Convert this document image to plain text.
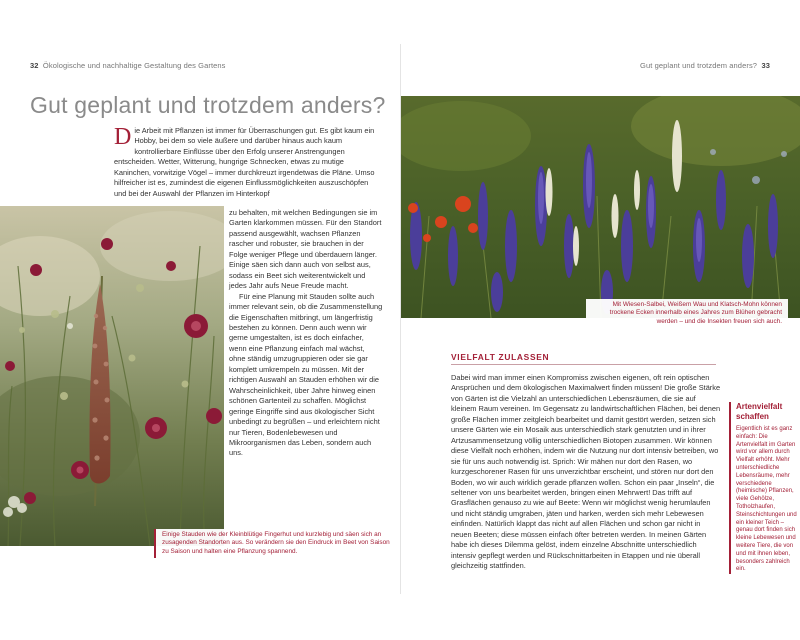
32 Ökologische und nachhaltige Gestaltung des Gartens
Gut geplant und trotzdem anders?

Die Arbeit mit Pflanzen ist immer für Überraschungen gut. Es gibt kaum ein Hobby, bei dem so viele äußere und darüber hinaus auch kaum kontrollierbare Einflüsse über den Erfolg unserer Anstrengungen entscheiden. Wetter, Witterung, hungrige Schnecken, etwas zu mutige Kaninchen, vorwitzige Vögel – immer durchkreuzt irgendetwas die Pläne. Umso hilfreicher ist es, zumindest die eigenen Einflussmöglichkeiten auszuschöpfen und bei der Auswahl der Pflanzen im Hinterkopf

zu behalten, mit welchen Bedingungen sie im Garten klarkommen müssen. Für den Standort passend ausgewählt, wachsen Pflanzen rascher und robuster, sie brauchen in der Folge weniger Pflege und überdauern länger. Einige säen sich dann auch von selbst aus, sodass ein Beet sich weiterentwickelt und jedes Jahr aufs Neue Freude macht.

Für eine Planung mit Stauden sollte auch immer relevant sein, ob die Zusammenstellung die Eigenschaften mitbringt, um längerfristig bestehen zu können. Denn auch wenn wir gerne umgestalten, ist es doch einfacher, wenn eine Pflanzung einfach mal wächst, ohne ständig umzugruppieren oder sie gar komplett umkrempeln zu müssen. Mit der richtigen Auswahl an Stauden erhöhen wir die Wahrscheinlichkeit, über Jahre hinweg einen schönen Gartenteil zu schaffen. Möglichst geringe Eingriffe sind aus ökologischer Sicht unbedingt zu begrüßen – und erleichtern nicht nur Tieren, Bodenlebewesen und Mikroorganismen das Leben, sondern auch uns.

Einige Stauden wie der Kleinblütige Fingerhut und kurzlebig und säen sich an zusagenden Standorten aus. So verändern sie den Eindruck im Beet von Saison zu Saison und halten eine Pflanzung spannend.
Gut geplant und trotzdem anders? 33
Mit Wiesen-Salbei, Weißem Wau und Klatsch-Mohn können trockene Ecken innerhalb eines Jahres zum Blühen gebracht werden – und die Insekten freuen sich auch.
VIELFALT ZULASSEN

Dabei wird man immer einen Kompromiss zwischen eigenen, oft rein optischen Ansprüchen und dem ökologischen Maximalwert finden müssen! Die große Stärke von Gärten ist die Vielzahl an unterschiedlichen Lebensräumen, die sie auf kleinem Raum vereinen. Im Gegensatz zu landwirtschaftlichen Flächen, bei denen große Flächen immer zeitgleich bearbeitet und damit gestört werden, setzen sich unsere Gärten wie ein Mosaik aus unterschiedlich stark genutzten und in ihrer Artzusammensetzung völlig unterschiedlichen Biotopen zusammen. Wir können diese Vielfalt noch erhöhen, indem wir die Nutzung nur dort intensiv betreiben, wo sie für uns auch notwendig ist. Sprich: Wir mähen nur dort den Rasen, wo kurzgeschorener Rasen für uns unverzichtbar erscheint, und stören nur dort den Boden, wo wir auch wirklich gerade pflanzen wollen. Schon ein paar „Inseln“, die seltener von uns bearbeitet werden, bringen einen Mehrwert! Das trifft auf Grasflächen genauso zu wie auf Beete: Wenn wir möglichst wenig herumlaufen und nicht ständig umgraben, jäten und harken, werden sich mehr Lebewesen einfinden. Natürlich klappt das nicht auf allen Flächen und schon gar nicht in neuen Beeten; diese müssen einfach öfter betreten werden. In meinen Gärten habe ich dieses Dilemma gelöst, indem einzelne Abschnitte unterschiedlich intensiv gepflegt werden und Rückschnittarbeiten in Etappen und nie überall gleichzeitig stattfinden.

Artenvielfalt schaffen

Eigentlich ist es ganz einfach: Die Artenvielfalt im Garten wird vor allem durch Vielfalt erhöht. Mehr unterschiedliche Lebensräume, mehr verschiedene (heimische) Pflanzen, viele Gehölze, Totholzhaufen, Steinschichtungen und ein kleiner Teich – genau dort finden sich kleine Lebewesen und weitere Tiere, die von und mit ihnen leben, besonders zahlreich ein.
